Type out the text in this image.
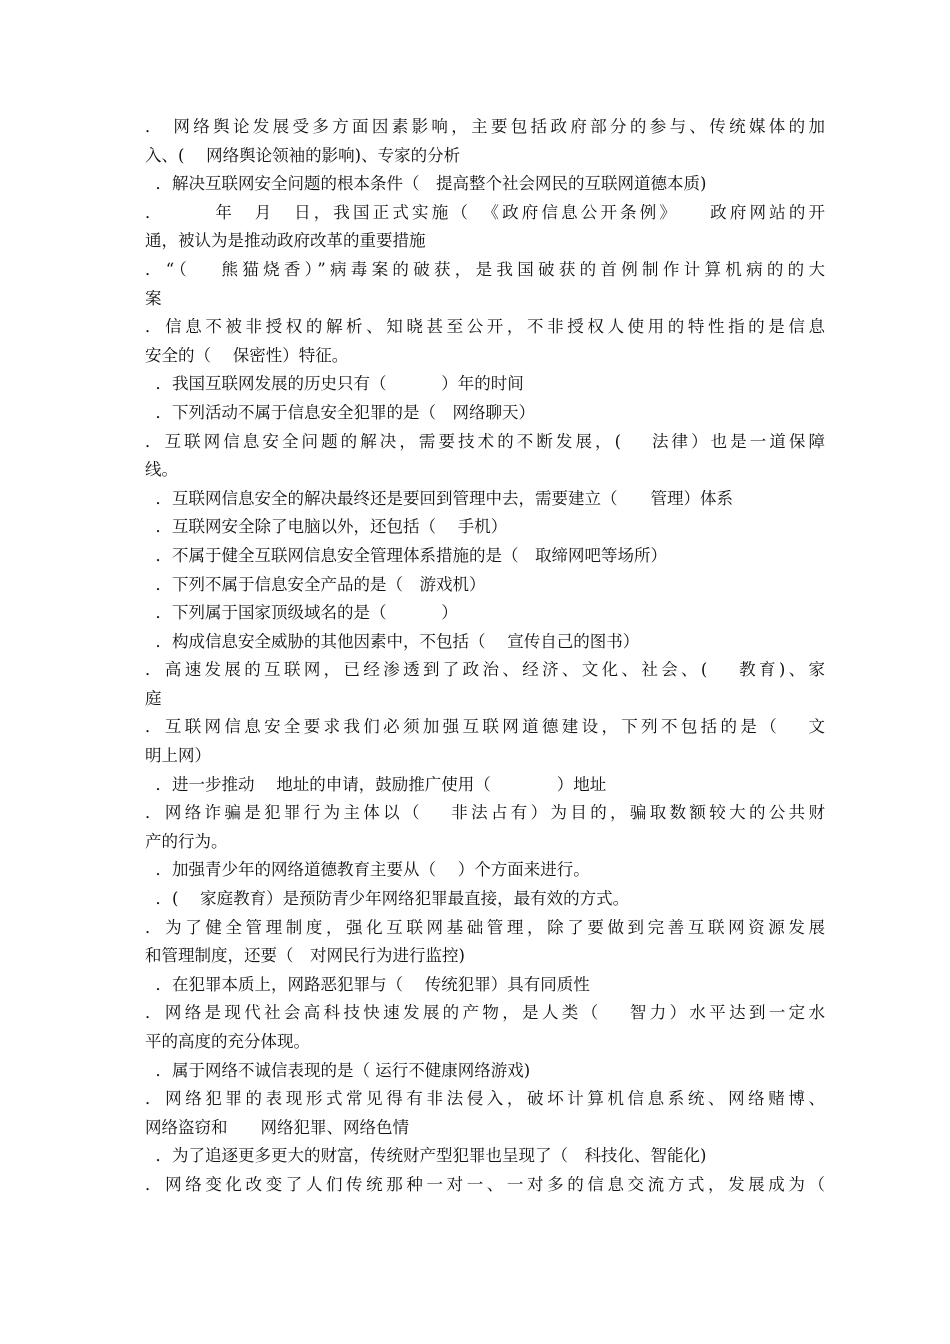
． 网络舆论发展受多方面因素影响，主要包括政府部分的参与、传统媒体的加
入、(　 网络舆论领袖的影响)、专家的分析
．解决互联网安全问题的根本条件（　提高整个社会网民的互联网道德本质)
．　　　年　月　日，我国正式实施（　《政府信息公开条例》　　政府网站的开
通，被认为是推动政府改革的重要措施
．“（　 熊猫烧香）”病毒案的破获，是我国破获的首例制作计算机病的的大
案
．信息不被非授权的解析、知晓甚至公开，不非授权人使用的特性指的是信息
安全的（　 保密性）特征。
．我国互联网发展的历史只有（　　　 ）年的时间
．下列活动不属于信息安全犯罪的是（　网络聊天）
．互联网信息安全问题的解决，需要技术的不断发展，(　 法律）也是一道保障
线。
．互联网信息安全的解决最终还是要回到管理中去，需要建立（　　管理）体系
．互联网安全除了电脑以外，还包括（　 手机）
．不属于健全互联网信息安全管理体系措施的是（　取缔网吧等场所）
．下列不属于信息安全产品的是（　游戏机）
．下列属于国家顶级域名的是（　　　 ）
．构成信息安全威胁的其他因素中，不包括（　 宣传自己的图书）
．高速发展的互联网，已经渗透到了政治、经济、文化、社会、(　 教育)、家
庭
．互联网信息安全要求我们必须加强互联网道德建设，下列不包括的是（　 文
明上网）
．进一步推动　 地址的申请，鼓励推广使用（　　　　）地址
．网络诈骗是犯罪行为主体以（　 非法占有）为目的，骗取数额较大的公共财
产的行为。
．加强青少年的网络道德教育主要从（　 ）个方面来进行。
．(　 家庭教育）是预防青少年网络犯罪最直接，最有效的方式。
．为了健全管理制度，强化互联网基础管理，除了要做到完善互联网资源发展
和管理制度，还要（　对网民行为进行监控)
．在犯罪本质上，网路恶犯罪与（　 传统犯罪）具有同质性
．网络是现代社会高科技快速发展的产物，是人类（　 智力）水平达到一定水
平的高度的充分体现。
．属于网络不诚信表现的是（ 运行不健康网络游戏)
．网络犯罪的表现形式常见得有非法侵入，破坏计算机信息系统、网络赌博、
网络盗窃和　　网络犯罪、网络色情
．为了追逐更多更大的财富，传统财产型犯罪也呈现了（　科技化、智能化)
．网络变化改变了人们传统那种一对一、一对多的信息交流方式，发展成为（
